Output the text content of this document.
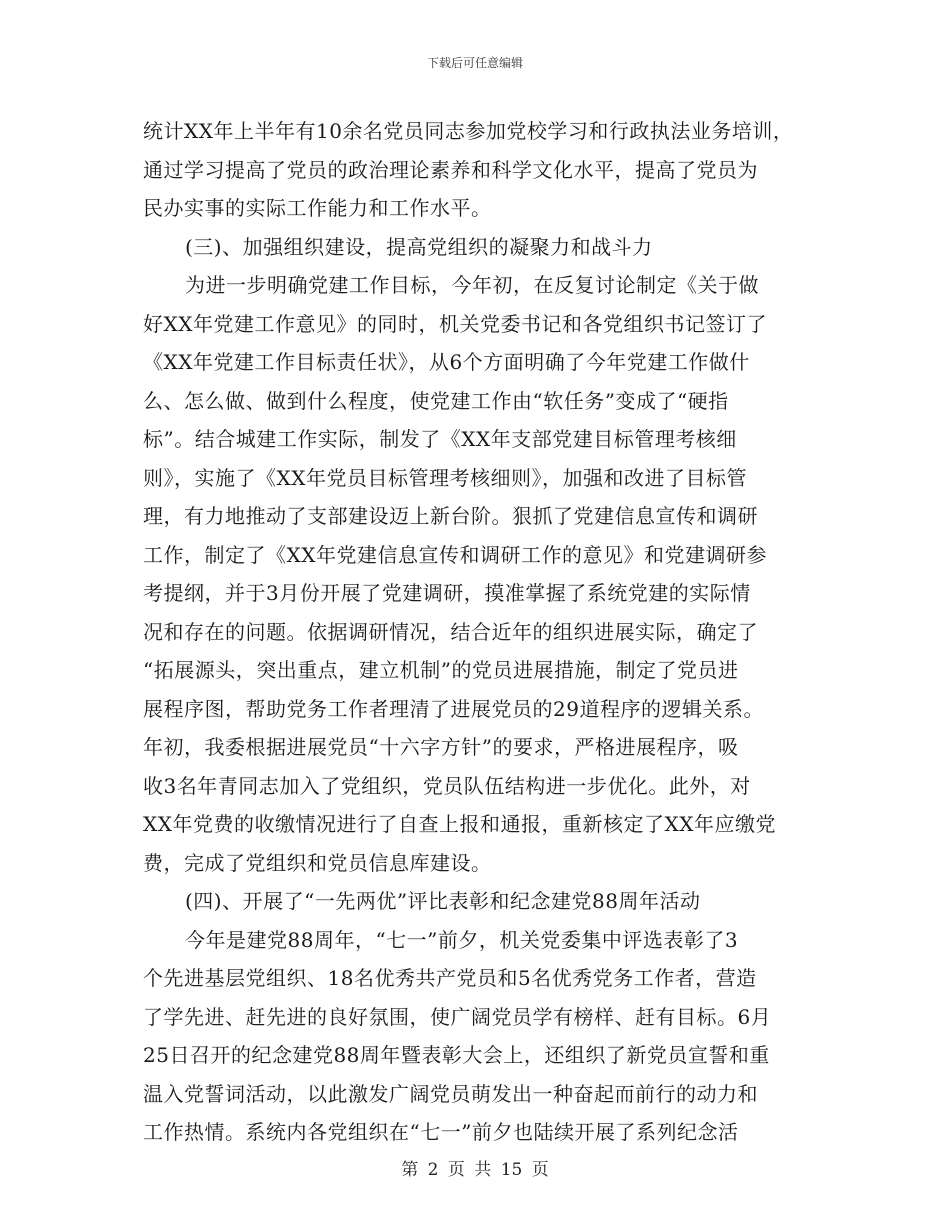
下载后可任意编辑
统计XX年上半年有10余名党员同志参加党校学习和行政执法业务培训，
通过学习提高了党员的政治理论素养和科学文化水平，提高了党员为
民办实事的实际工作能力和工作水平。
(三)、加强组织建设，提高党组织的凝聚力和战斗力
为进一步明确党建工作目标，今年初，在反复讨论制定《关于做
好XX年党建工作意见》的同时，机关党委书记和各党组织书记签订了
《XX年党建工作目标责任状》，从6个方面明确了今年党建工作做什
么、怎么做、做到什么程度，使党建工作由“软任务”变成了“硬指
标”。结合城建工作实际，制发了《XX年支部党建目标管理考核细
则》，实施了《XX年党员目标管理考核细则》，加强和改进了目标管
理，有力地推动了支部建设迈上新台阶。狠抓了党建信息宣传和调研
工作，制定了《XX年党建信息宣传和调研工作的意见》和党建调研参
考提纲，并于3月份开展了党建调研，摸准掌握了系统党建的实际情
况和存在的问题。依据调研情况，结合近年的组织进展实际，确定了
“拓展源头，突出重点，建立机制”的党员进展措施，制定了党员进
展程序图，帮助党务工作者理清了进展党员的29道程序的逻辑关系。
年初，我委根据进展党员“十六字方针”的要求，严格进展程序，吸
收3名年青同志加入了党组织，党员队伍结构进一步优化。此外，对
XX年党费的收缴情况进行了自查上报和通报，重新核定了XX年应缴党
费，完成了党组织和党员信息库建设。
(四)、开展了“一先两优”评比表彰和纪念建党88周年活动
今年是建党88周年，“七一”前夕，机关党委集中评选表彰了3
个先进基层党组织、18名优秀共产党员和5名优秀党务工作者，营造
了学先进、赶先进的良好氛围，使广阔党员学有榜样、赶有目标。6月
25日召开的纪念建党88周年暨表彰大会上，还组织了新党员宣誓和重
温入党誓词活动，以此激发广阔党员萌发出一种奋起而前行的动力和
工作热情。系统内各党组织在“七一”前夕也陆续开展了系列纪念活
第 2 页 共 15 页
